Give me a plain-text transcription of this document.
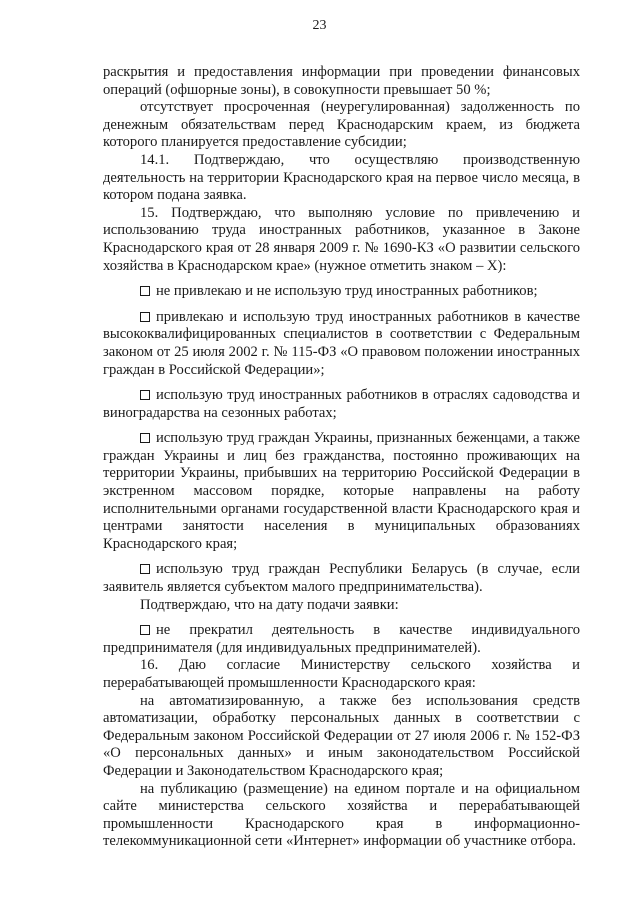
23

раскрытия и предоставления информации при проведении финансовых операций (офшорные зоны), в совокупности превышает 50 %;

отсутствует просроченная (неурегулированная) задолженность по денежным обязательствам перед Краснодарским краем, из бюджета которого планируется предоставление субсидии;

14.1. Подтверждаю, что осуществляю производственную деятельность на территории Краснодарского края на первое число месяца, в котором подана заявка.

15. Подтверждаю, что выполняю условие по привлечению и использованию труда иностранных работников, указанное в Законе Краснодарского края от 28 января 2009 г. № 1690-КЗ «О развитии сельского хозяйства в Краснодарском крае» (нужное отметить знаком – Х):

не привлекаю и не использую труд иностранных работников;

привлекаю и использую труд иностранных работников в качестве высококвалифицированных специалистов в соответствии с Федеральным законом от 25 июля 2002 г. № 115-ФЗ «О правовом положении иностранных граждан в Российской Федерации»;

использую труд иностранных работников в отраслях садоводства и виноградарства на сезонных работах;

использую труд граждан Украины, признанных беженцами, а также граждан Украины и лиц без гражданства, постоянно проживающих на территории Украины, прибывших на территорию Российской Федерации в экстренном массовом порядке, которые направлены на работу исполнительными органами государственной власти Краснодарского края и центрами занятости населения в муниципальных образованиях Краснодарского края;

использую труд граждан Республики Беларусь (в случае, если заявитель является субъектом малого предпринимательства).

Подтверждаю, что на дату подачи заявки:

не прекратил деятельность в качестве индивидуального предпринимателя (для индивидуальных предпринимателей).

16. Даю согласие Министерству сельского хозяйства и перерабатывающей промышленности Краснодарского края:

на автоматизированную, а также без использования средств автоматизации, обработку персональных данных в соответствии с Федеральным законом Российской Федерации от 27 июля 2006 г. № 152-ФЗ «О персональных данных» и иным законодательством Российской Федерации и Законодательством Краснодарского края;

на публикацию (размещение) на едином портале и на официальном сайте министерства сельского хозяйства и перерабатывающей промышленности Краснодарского края в информационно-телекоммуникационной сети «Интернет» информации об участнике отбора.
